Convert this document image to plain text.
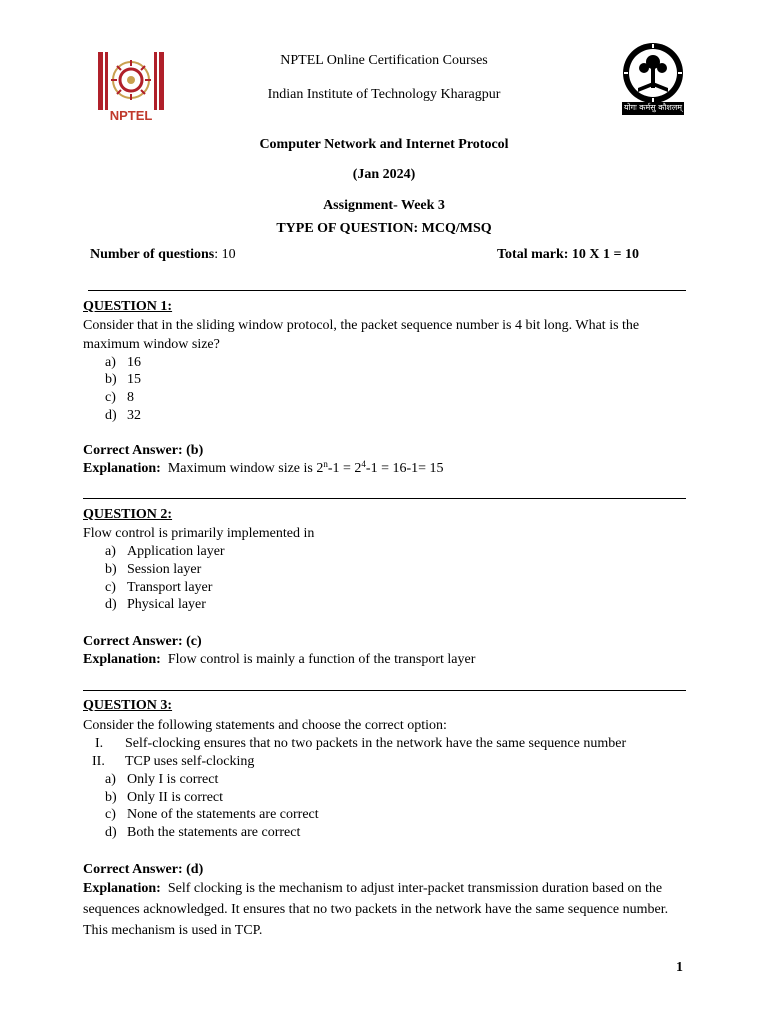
NPTEL
योगः कर्मसु कौशलम्
NPTEL Online Certification Courses
Indian Institute of Technology Kharagpur
Computer Network and Internet Protocol
(Jan 2024)
Assignment- Week 3
TYPE OF QUESTION: MCQ/MSQ
Number of questions: 10	Total mark: 10 X 1 = 10
QUESTION 1:
Consider that in the sliding window protocol, the packet sequence number is 4 bit long. What is the
maximum window size?
a) 16
b) 15
c) 8
d) 32
Correct Answer: (b)
Explanation: Maximum window size is $2^n-1 = 2^4-1 = 16-1= 15$
QUESTION 2:
Flow control is primarily implemented in
a) Application layer
b) Session layer
c) Transport layer
d) Physical layer
Correct Answer: (c)
Explanation: Flow control is mainly a function of the transport layer
QUESTION 3:
Consider the following statements and choose the correct option:
I. Self-clocking ensures that no two packets in the network have the same sequence number
II. TCP uses self-clocking
a) Only I is correct
b) Only II is correct
c) None of the statements are correct
d) Both the statements are correct
Correct Answer: (d)
Explanation: Self clocking is the mechanism to adjust inter-packet transmission duration based on the sequences acknowledged. It ensures that no two packets in the network have the same sequence number. This mechanism is used in TCP.
1
